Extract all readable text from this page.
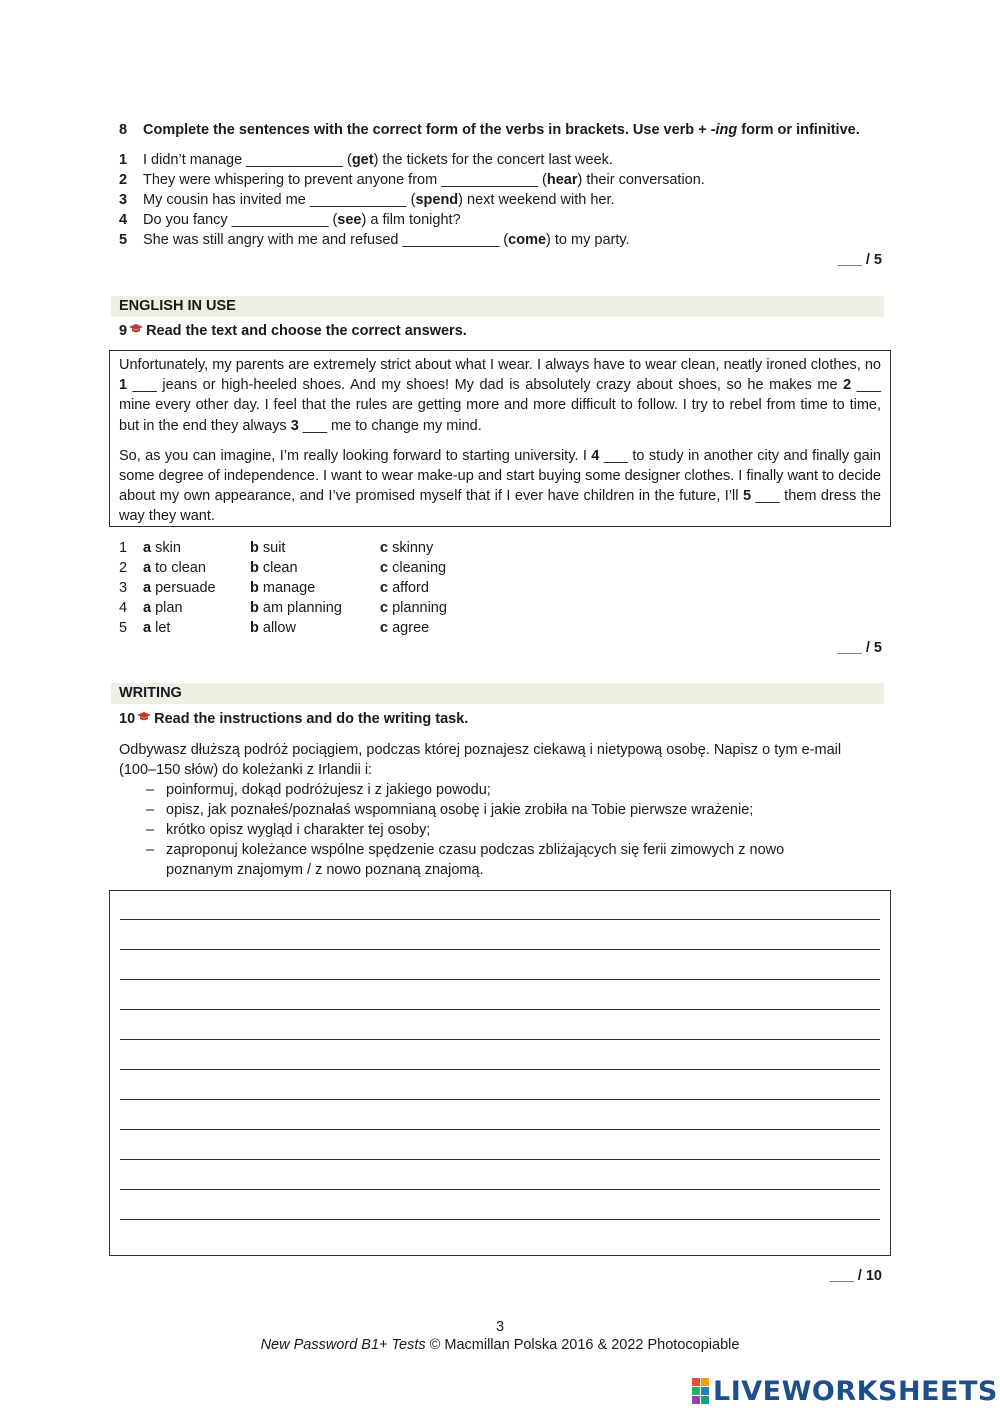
8 Complete the sentences with the correct form of the verbs in brackets. Use verb + -ing form or infinitive.
1 I didn’t manage ____________ (get) the tickets for the concert last week.
2 They were whispering to prevent anyone from ____________ (hear) their conversation.
3 My cousin has invited me ____________ (spend) next weekend with her.
4 Do you fancy ____________ (see) a film tonight?
5 She was still angry with me and refused ____________ (come) to my party.
___ / 5
ENGLISH IN USE
9 Read the text and choose the correct answers.

Unfortunately, my parents are extremely strict about what I wear. I always have to wear clean, neatly ironed clothes, no 1 ___ jeans or high-heeled shoes. And my shoes! My dad is absolutely crazy about shoes, so he makes me 2 ___ mine every other day. I feel that the rules are getting more and more difficult to follow. I try to rebel from time to time, but in the end they always 3 ___ me to change my mind.

So, as you can imagine, I’m really looking forward to starting university. I 4 ___ to study in another city and finally gain some degree of independence. I want to wear make-up and start buying some designer clothes. I finally want to decide about my own appearance, and I’ve promised myself that if I ever have children in the future, I’ll 5 ___ them dress the way they want.

1 a skin	b suit	c skinny
2 a to clean	b clean	c cleaning
3 a persuade b manage	c afford
4 a plan	b am planning	c planning
5 a let	b allow	c agree
___ / 5
WRITING
10 Read the instructions and do the writing task.
Odbywasz dłuższą podróż pociągiem, podczas której poznajesz ciekawą i nietypową osobę. Napisz o tym e-mail
(100–150 słów) do koleżanki z Irlandii i:
– poinformuj, dokąd podróżujesz i z jakiego powodu;
– opisz, jak poznałeś/poznałaś wspomnianą osobę i jakie zrobiła na Tobie pierwsze wrażenie;
– krótko opisz wygląd i charakter tej osoby;
– zaproponuj koleżance wspólne spędzenie czasu podczas zbliżających się ferii zimowych z nowo
poznanym znajomym / z nowo poznaną znajomą.
___ / 10
3
New Password B1+ Tests © Macmillan Polska 2016 & 2022 Photocopiable
LIVEWORKSHEETS
